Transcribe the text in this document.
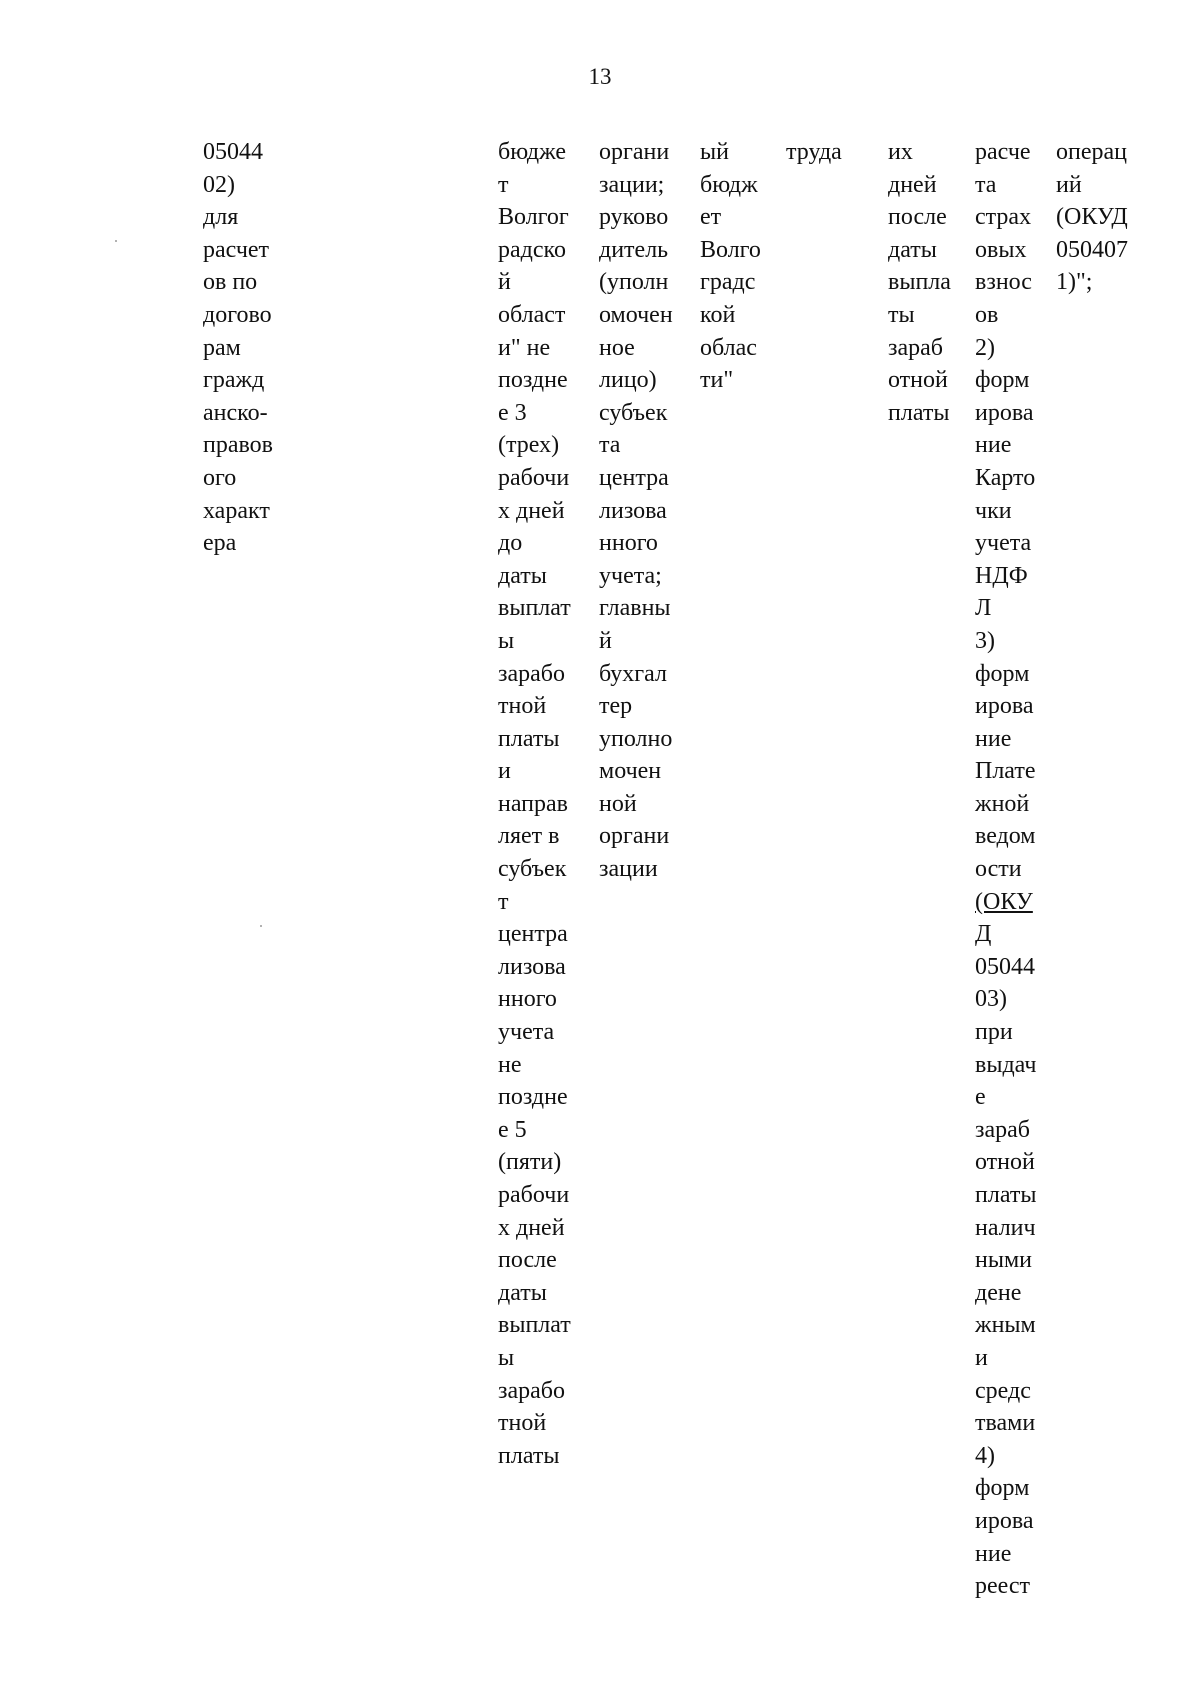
13
05044
02)
для
расчет
ов по
догово
рам
гражд
анско-
правов
ого
характ
ера
бюдже
т
Волгог
радско
й
област
и" не
поздне
е 3
(трех)
рабочи
х дней
до
даты
выплат
ы
зарабо
тной
платы
и
направ
ляет в
субъек
т
центра
лизова
нного
учета
не
поздне
е 5
(пяти)
рабочи
х дней
после
даты
выплат
ы
зарабо
тной
платы
органи
зации;
руково
дитель
(уполн
омочен
ное
лицо)
субъек
та
центра
лизова
нного
учета;
главны
й
бухгал
тер
уполно
мочен
ной
органи
зации
ый
бюдж
ет
Волго
градс
кой
облас
ти"
труда их
дней
после
даты
выпла
ты
зараб
отной
платы
расче
та
страх
овых
взнос
ов
2)
форм
ирова
ние
Карто
чки
учета
НДФ
Л
3)
форм
ирова
ние
Плате
жной
ведом
ости
(ОКУ
Д
05044
03)
при
выдач
е
зараб
отной
платы
налич
ными
дене
жным
и
средс
твами
4)
форм
ирова
ние
реест
операц
ий
(ОКУД
050407
1)";
